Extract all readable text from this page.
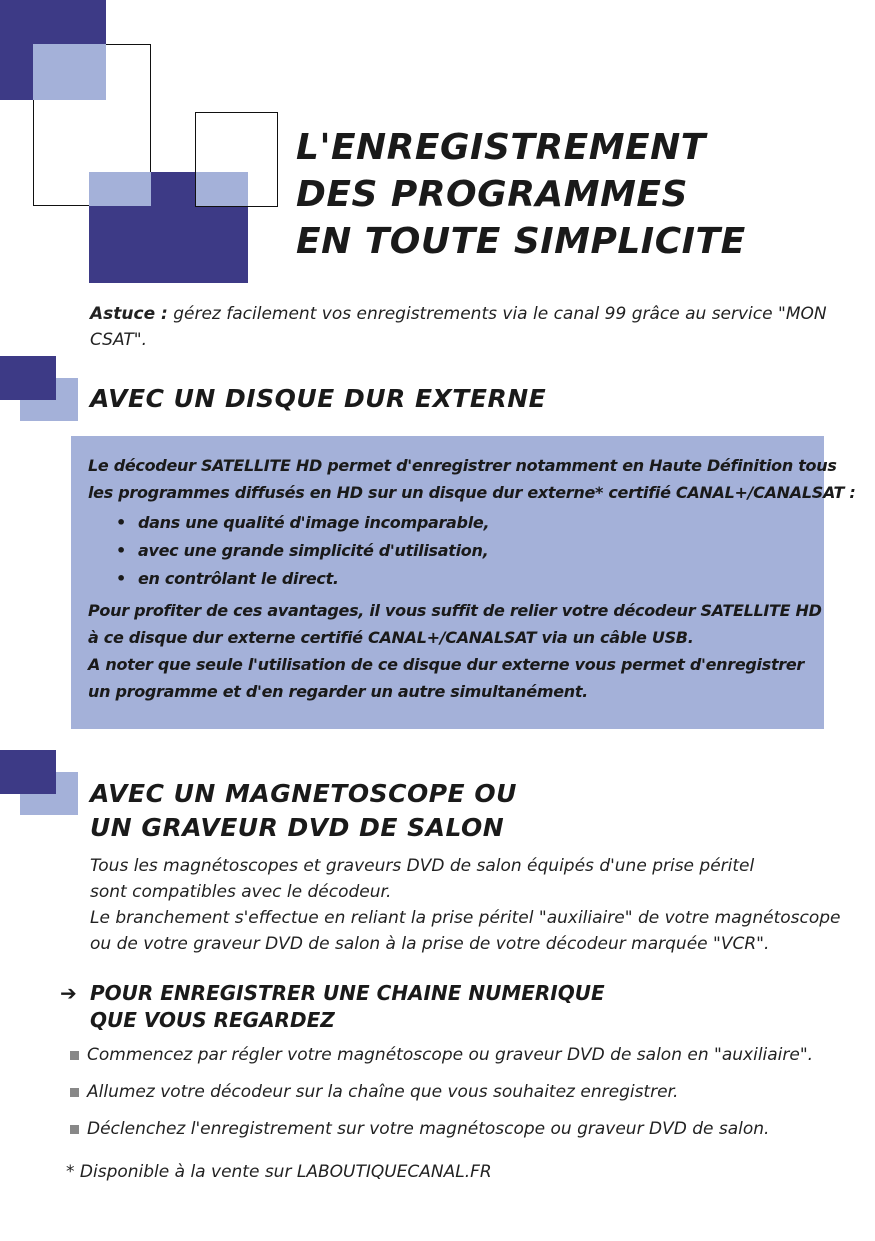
L'ENREGISTREMENT
DES PROGRAMMES
EN TOUTE SIMPLICITE
Astuce : gérez facilement vos enregistrements via le canal 99 grâce au service "MON CSAT".
AVEC UN DISQUE DUR EXTERNE

Le décodeur SATELLITE HD permet d'enregistrer notamment en Haute Définition tous

les programmes diffusés en HD sur un disque dur externe* certifié CANAL+/CANALSAT :

• dans une qualité d'image incomparable,
• avec une grande simplicité d'utilisation,
• en contrôlant le direct.

Pour profiter de ces avantages, il vous suffit de relier votre décodeur SATELLITE HD

à ce disque dur externe certifié CANAL+/CANALSAT via un câble USB.

A noter que seule l'utilisation de ce disque dur externe vous permet d'enregistrer

un programme et d'en regarder un autre simultanément.

AVEC UN MAGNETOSCOPE OU
UN GRAVEUR DVD DE SALON

Tous les magnétoscopes et graveurs DVD de salon équipés d'une prise péritel

sont compatibles avec le décodeur.

Le branchement s'effectue en reliant la prise péritel "auxiliaire" de votre magnétoscope

ou de votre graveur DVD de salon à la prise de votre décodeur marquée "VCR".

➔ POUR ENREGISTRER UNE CHAINE NUMERIQUE
QUE VOUS REGARDEZ
Commencez par régler votre magnétoscope ou graveur DVD de salon en "auxiliaire".
Allumez votre décodeur sur la chaîne que vous souhaitez enregistrer.
Déclenchez l'enregistrement sur votre magnétoscope ou graveur DVD de salon.
* Disponible à la vente sur LABOUTIQUECANAL.FR
